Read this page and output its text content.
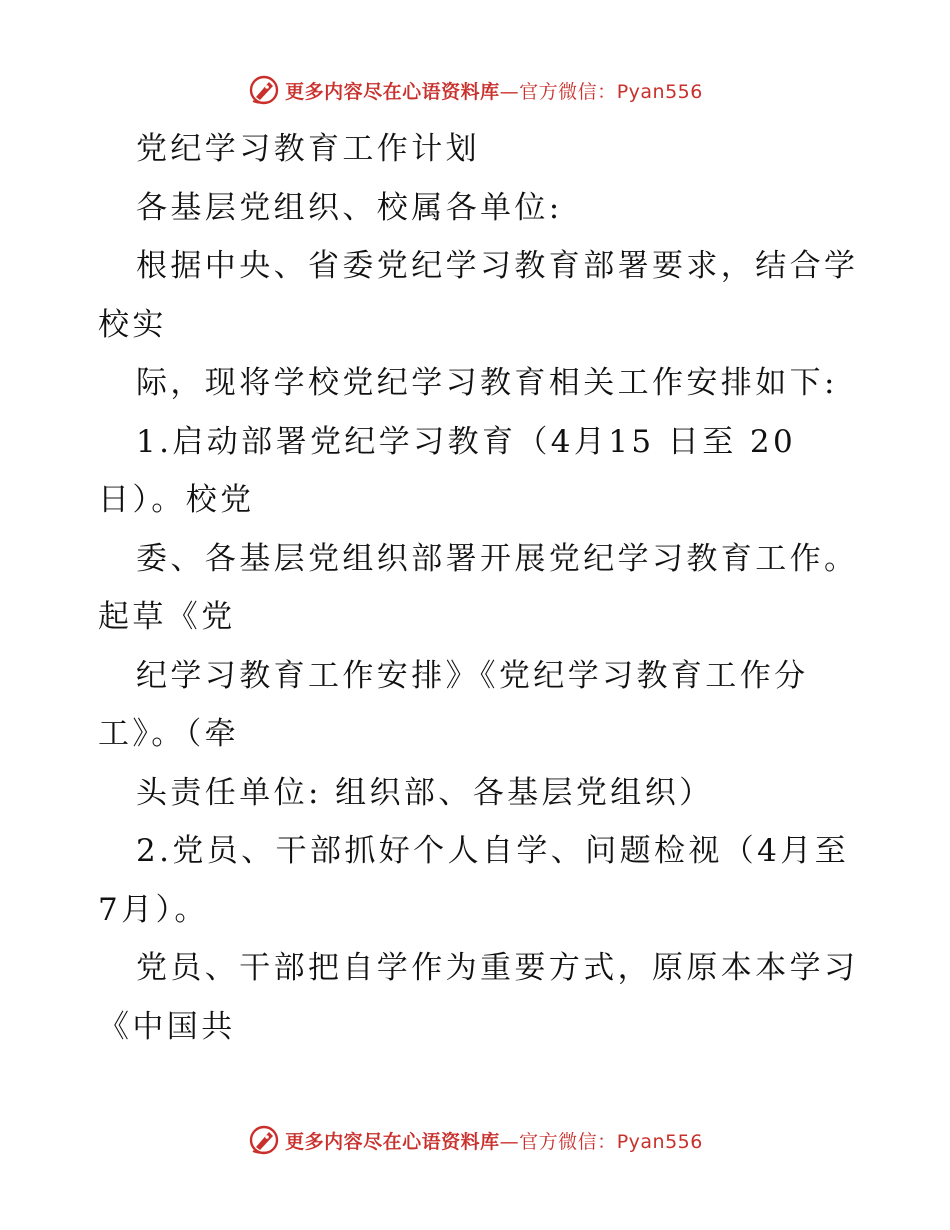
更多内容尽在心语资料库—官方微信：Pyan556
党纪学习教育工作计划
各基层党组织、校属各单位:
根据中央、省委党纪学习教育部署要求，结合学
校实
际，现将学校党纪学习教育相关工作安排如下:
1.启动部署党纪学习教育（4月15 日至 20
日）。校党
委、各基层党组织部署开展党纪学习教育工作。
起草《党
纪学习教育工作安排》《党纪学习教育工作分
工》。（牵
头责任单位: 组织部、各基层党组织）
2.党员、干部抓好个人自学、问题检视（4月至
7月）。
党员、干部把自学作为重要方式，原原本本学习
《中国共
更多内容尽在心语资料库—官方微信：Pyan556
